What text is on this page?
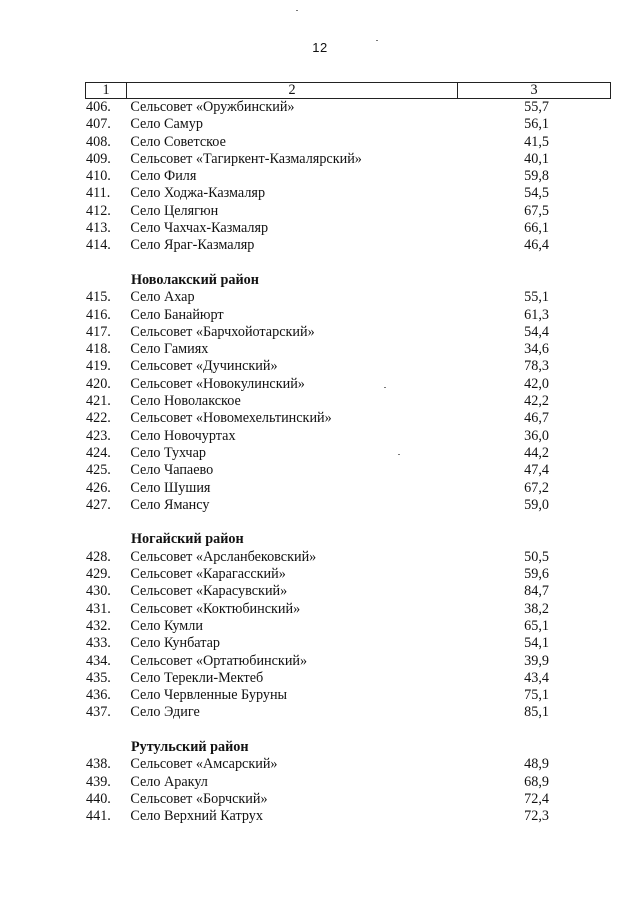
12
1	2	3
406.	Сельсовет «Оружбинский»	55,7
407.	Село Самур	56,1
408.	Село Советское	41,5
409.	Сельсовет «Тагиркент-Казмалярский»	40,1
410.	Село Филя	59,8
411.	Село Ходжа-Казмаляр	54,5
412.	Село Целягюн	67,5
413.	Село Чахчах-Казмаляр	66,1
414.	Село Яраг-Казмаляр	46,4
Новолакский район
415.	Село Ахар	55,1
416.	Село Банайюрт	61,3
417.	Сельсовет «Барчхойотарский»	54,4
418.	Село Гамиях	34,6
419.	Сельсовет «Дучинский»	78,3
420.	Сельсовет «Новокулинский»	42,0
421.	Село Новолакское	42,2
422.	Сельсовет «Новомехельтинский»	46,7
423.	Село Новочуртах	36,0
424.	Село Тухчар	44,2
425.	Село Чапаево	47,4
426.	Село Шушия	67,2
427.	Село Ямансу	59,0
Ногайский район
428.	Сельсовет «Арсланбековский»	50,5
429.	Сельсовет «Карагасский»	59,6
430.	Сельсовет «Карасувский»	84,7
431.	Сельсовет «Коктюбинский»	38,2
432.	Село Кумли	65,1
433.	Село Кунбатар	54,1
434.	Сельсовет «Ортатюбинский»	39,9
435.	Село Терекли-Мектеб	43,4
436.	Село Червленные Буруны	75,1
437.	Село Эдиге	85,1
Рутульский район
438.	Сельсовет «Амсарский»	48,9
439.	Село Аракул	68,9
440.	Сельсовет «Борчский»	72,4
441.	Село Верхний Катрух	72,3
